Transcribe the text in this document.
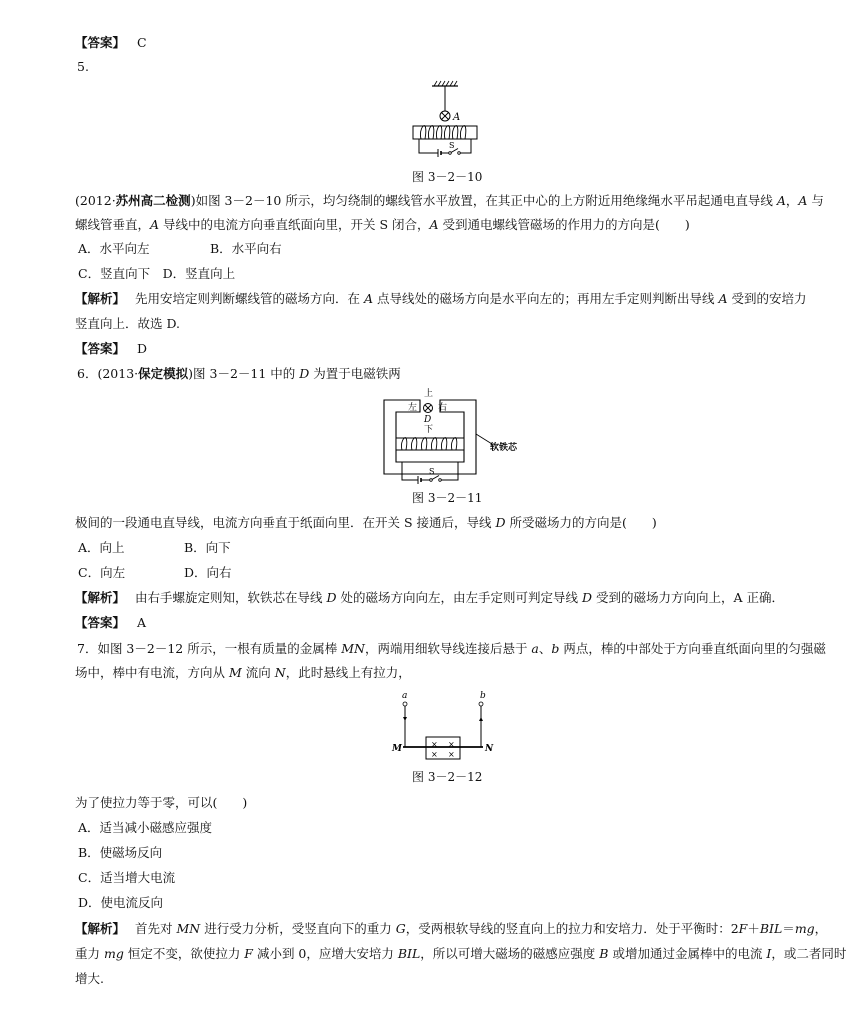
【答案】 C
5.
A
S
图 3－2－10
(2012·苏州高二检测)如图 3－2－10 所示，均匀绕制的螺线管水平放置，在其正中心的上方附近用绝缘绳水平吊起通电直导线 A，A 与
螺线管垂直，A 导线中的电流方向垂直纸面向里，开关 S 闭合，A 受到通电螺线管磁场的作用力的方向是(　　)
A．水平向左	B．水平向右
C．竖直向下　D．竖直向上
【解析】 先用安培定则判断螺线管的磁场方向．在 A 点导线处的磁场方向是水平向左的；再用左手定则判断出导线 A 受到的安培力
竖直向上．故选 D.
【答案】 D
6．(2013·保定模拟)图 3－2－11 中的 D 为置于电磁铁两
上
左 右
D
下
软铁芯
S
图 3－2－11
极间的一段通电直导线，电流方向垂直于纸面向里．在开关 S 接通后，导线 D 所受磁场力的方向是(　　)
A．向上	B．向下
C．向左	D．向右
【解析】 由右手螺旋定则知，软铁芯在导线 D 处的磁场方向向左，由左手定则可判定导线 D 受到的磁场力方向向上，A 正确．
【答案】 A
7．如图 3－2－12 所示，一根有质量的金属棒 MN，两端用细软导线连接后悬于 a、b 两点，棒的中部处于方向垂直纸面向里的匀强磁
场中，棒中有电流，方向从 M 流向 N，此时悬线上有拉力，
a	b
× ×
× ×
M	N
图 3－2－12
为了使拉力等于零，可以(　　)
A．适当减小磁感应强度
B．使磁场反向
C．适当增大电流
D．使电流反向
【解析】 首先对 MN 进行受力分析，受竖直向下的重力 G，受两根软导线的竖直向上的拉力和安培力．处于平衡时：2F＋BIL＝mg，
重力 mg 恒定不变，欲使拉力 F 减小到 0，应增大安培力 BIL，所以可增大磁场的磁感应强度 B 或增加通过金属棒中的电流 I，或二者同时
增大.
